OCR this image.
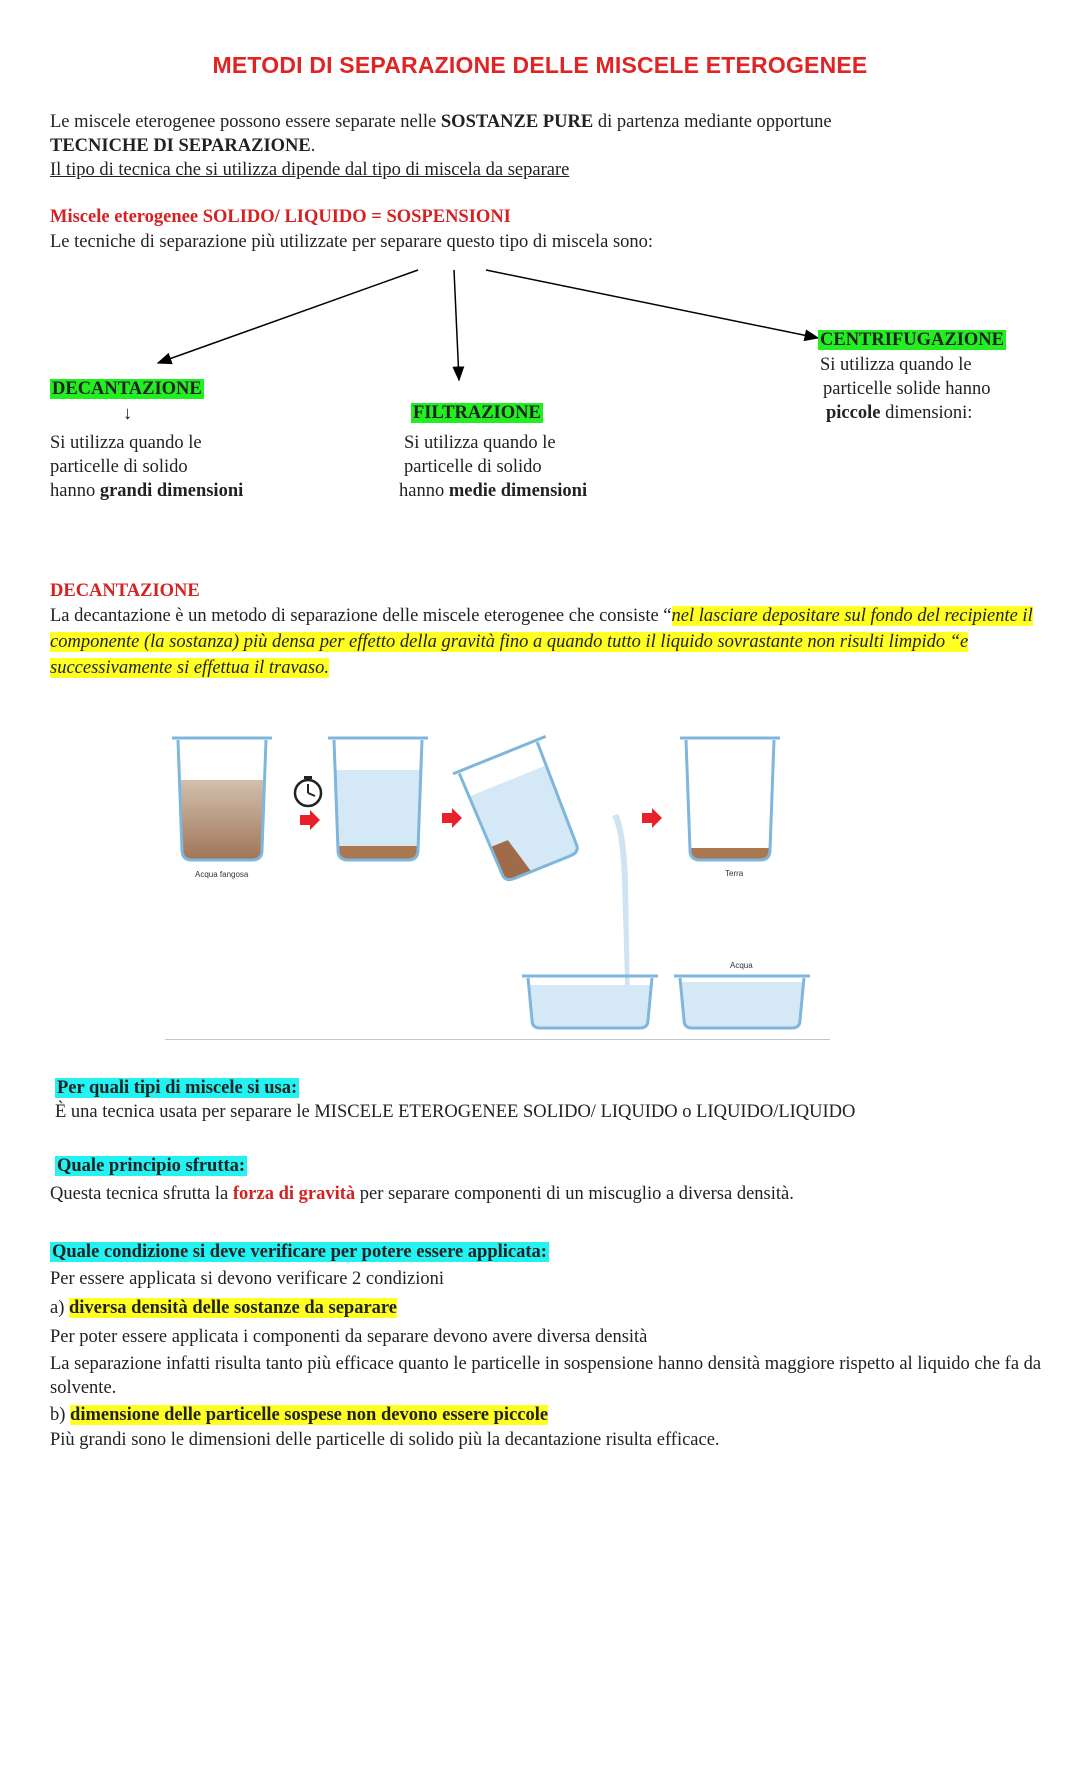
METODI DI SEPARAZIONE DELLE MISCELE ETEROGENEE
Le miscele eterogenee possono essere separate nelle SOSTANZE PURE di partenza mediante opportune
TECNICHE DI SEPARAZIONE.
Il tipo di tecnica che si utilizza dipende dal tipo di miscela da separare
Miscele eterogenee SOLIDO/ LIQUIDO = SOSPENSIONI
Le tecniche di separazione più utilizzate per separare questo tipo di miscela sono:
DECANTAZIONE
↓
Si utilizza quando le
particelle di solido
hanno grandi dimensioni
FILTRAZIONE
Si utilizza quando le
particelle di solido
hanno medie dimensioni
CENTRIFUGAZIONE
Si utilizza quando le
particelle solide hanno
piccole dimensioni:
DECANTAZIONE
La decantazione è un metodo di separazione delle miscele eterogenee che consiste “nel lasciare depositare sul fondo del recipiente il componente (la sostanza) più densa per effetto della gravità fino a quando tutto il liquido sovrastante non risulti limpido “e successivamente si effettua il travaso.
Acqua fangosa	Terra
Acqua
Per quali tipi di miscele si usa:
È una tecnica usata per separare le MISCELE ETEROGENEE SOLIDO/ LIQUIDO o LIQUIDO/LIQUIDO
Quale principio sfrutta:
Questa tecnica sfrutta la forza di gravità per separare componenti di un miscuglio a diversa densità.
Quale condizione si deve verificare per potere essere applicata:
Per essere applicata si devono verificare 2 condizioni
a) diversa densità delle sostanze da separare
Per poter essere applicata i componenti da separare devono avere diversa densità
La separazione infatti risulta tanto più efficace quanto le particelle in sospensione hanno densità maggiore rispetto al liquido che fa da solvente.
b) dimensione delle particelle sospese non devono essere piccole
Più grandi sono le dimensioni delle particelle di solido più la decantazione risulta efficace.
